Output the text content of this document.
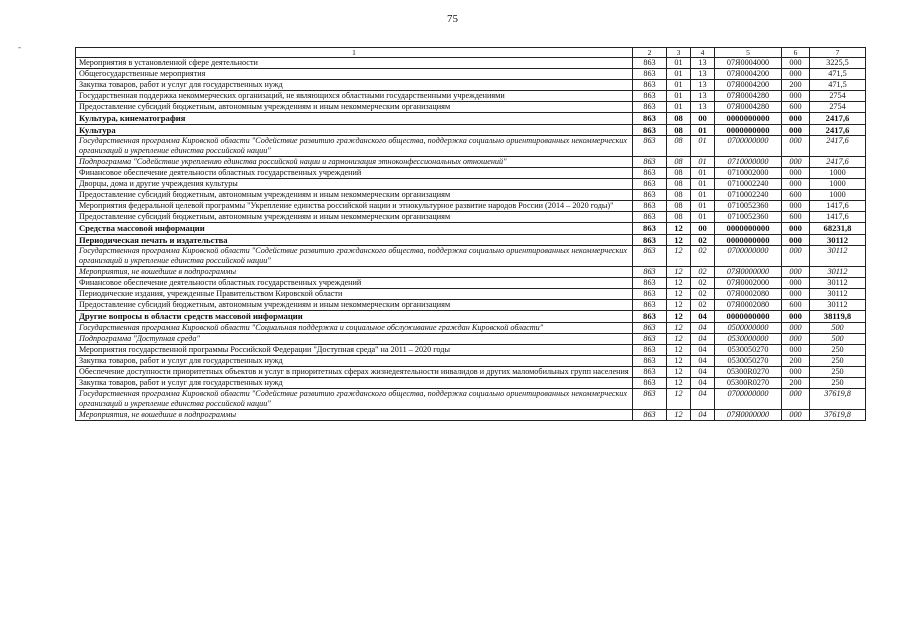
75
-
1	2	3	4	5	6	7
Мероприятия в установленной сфере деятельности	863	01	13	07Я0004000	000	3225,5
Общегосударственные мероприятия	863	01	13	07Я0004200	000	471,5
Закупка товаров, работ и услуг для государственных нужд	863	01	13	07Я0004200	200	471,5
Государственная поддержка некоммерческих организаций, не являющихся областными государственными учреждениями	863	01	13	07Я0004280	000	2754
Предоставление субсидий бюджетным, автономным учреждениям и иным некоммерческим организациям	863	01	13	07Я0004280	600	2754
Культура, кинематография	863	08	00	0000000000	000	2417,6
Культура	863	08	01	0000000000	000	2417,6
Государственная программа Кировской области "Содействие развитию гражданского общества, поддержка социально ориентированных некоммерческих организаций и укрепление единства российской нации"	863	08	01	0700000000	000	2417,6
Подпрограмма "Содействие укреплению единства российской нации и гармонизация этноконфессиональных отношений"	863	08	01	0710000000	000	2417,6
Финансовое обеспечение деятельности областных государственных учреждений	863	08	01	0710002000	000	1000
Дворцы, дома и другие учреждения культуры	863	08	01	0710002240	000	1000
Предоставление субсидий бюджетным, автономным учреждениям и иным некоммерческим организациям	863	08	01	0710002240	600	1000
Мероприятия федеральной целевой программы "Укрепление единства российской нации и этнокультурное развитие народов России (2014 – 2020 годы)"	863	08	01	0710052360	000	1417,6
Предоставление субсидий бюджетным, автономным учреждениям и иным некоммерческим организациям	863	08	01	0710052360	600	1417,6
Средства массовой информации	863	12	00	0000000000	000	68231,8
Периодическая печать и издательства	863	12	02	0000000000	000	30112
Государственная программа Кировской области "Содействие развитию гражданского общества, поддержка социально ориентированных некоммерческих организаций и укрепление единства российской нации"	863	12	02	0700000000	000	30112
Мероприятия, не вошедшие в подпрограммы	863	12	02	07Я0000000	000	30112
Финансовое обеспечение деятельности областных государственных учреждений	863	12	02	07Я0002000	000	30112
Периодические издания, учрежденные Правительством Кировской области	863	12	02	07Я0002080	000	30112
Предоставление субсидий бюджетным, автономным учреждениям и иным некоммерческим организациям	863	12	02	07Я0002080	600	30112
Другие вопросы в области средств массовой информации	863	12	04	0000000000	000	38119,8
Государственная программа Кировской области "Социальная поддержка и социальное обслуживание граждан Кировской области"	863	12	04	0500000000	000	500
Подпрограмма "Доступная среда"	863	12	04	0530000000	000	500
Мероприятия государственной программы Российской Федерации "Доступная среда" на 2011 – 2020 годы	863	12	04	0530050270	000	250
Закупка товаров, работ и услуг для государственных нужд	863	12	04	0530050270	200	250
Обеспечение доступности приоритетных объектов и услуг в приоритетных сферах жизнедеятельности инвалидов и других маломобильных групп населения	863	12	04	05300R0270	000	250
Закупка товаров, работ и услуг для государственных нужд	863	12	04	05300R0270	200	250
Государственная программа Кировской области "Содействие развитию гражданского общества, поддержка социально ориентированных некоммерческих организаций и укрепление единства российской нации"	863	12	04	0700000000	000	37619,8
Мероприятия, не вошедшие в подпрограммы	863	12	04	07Я0000000	000	37619,8
